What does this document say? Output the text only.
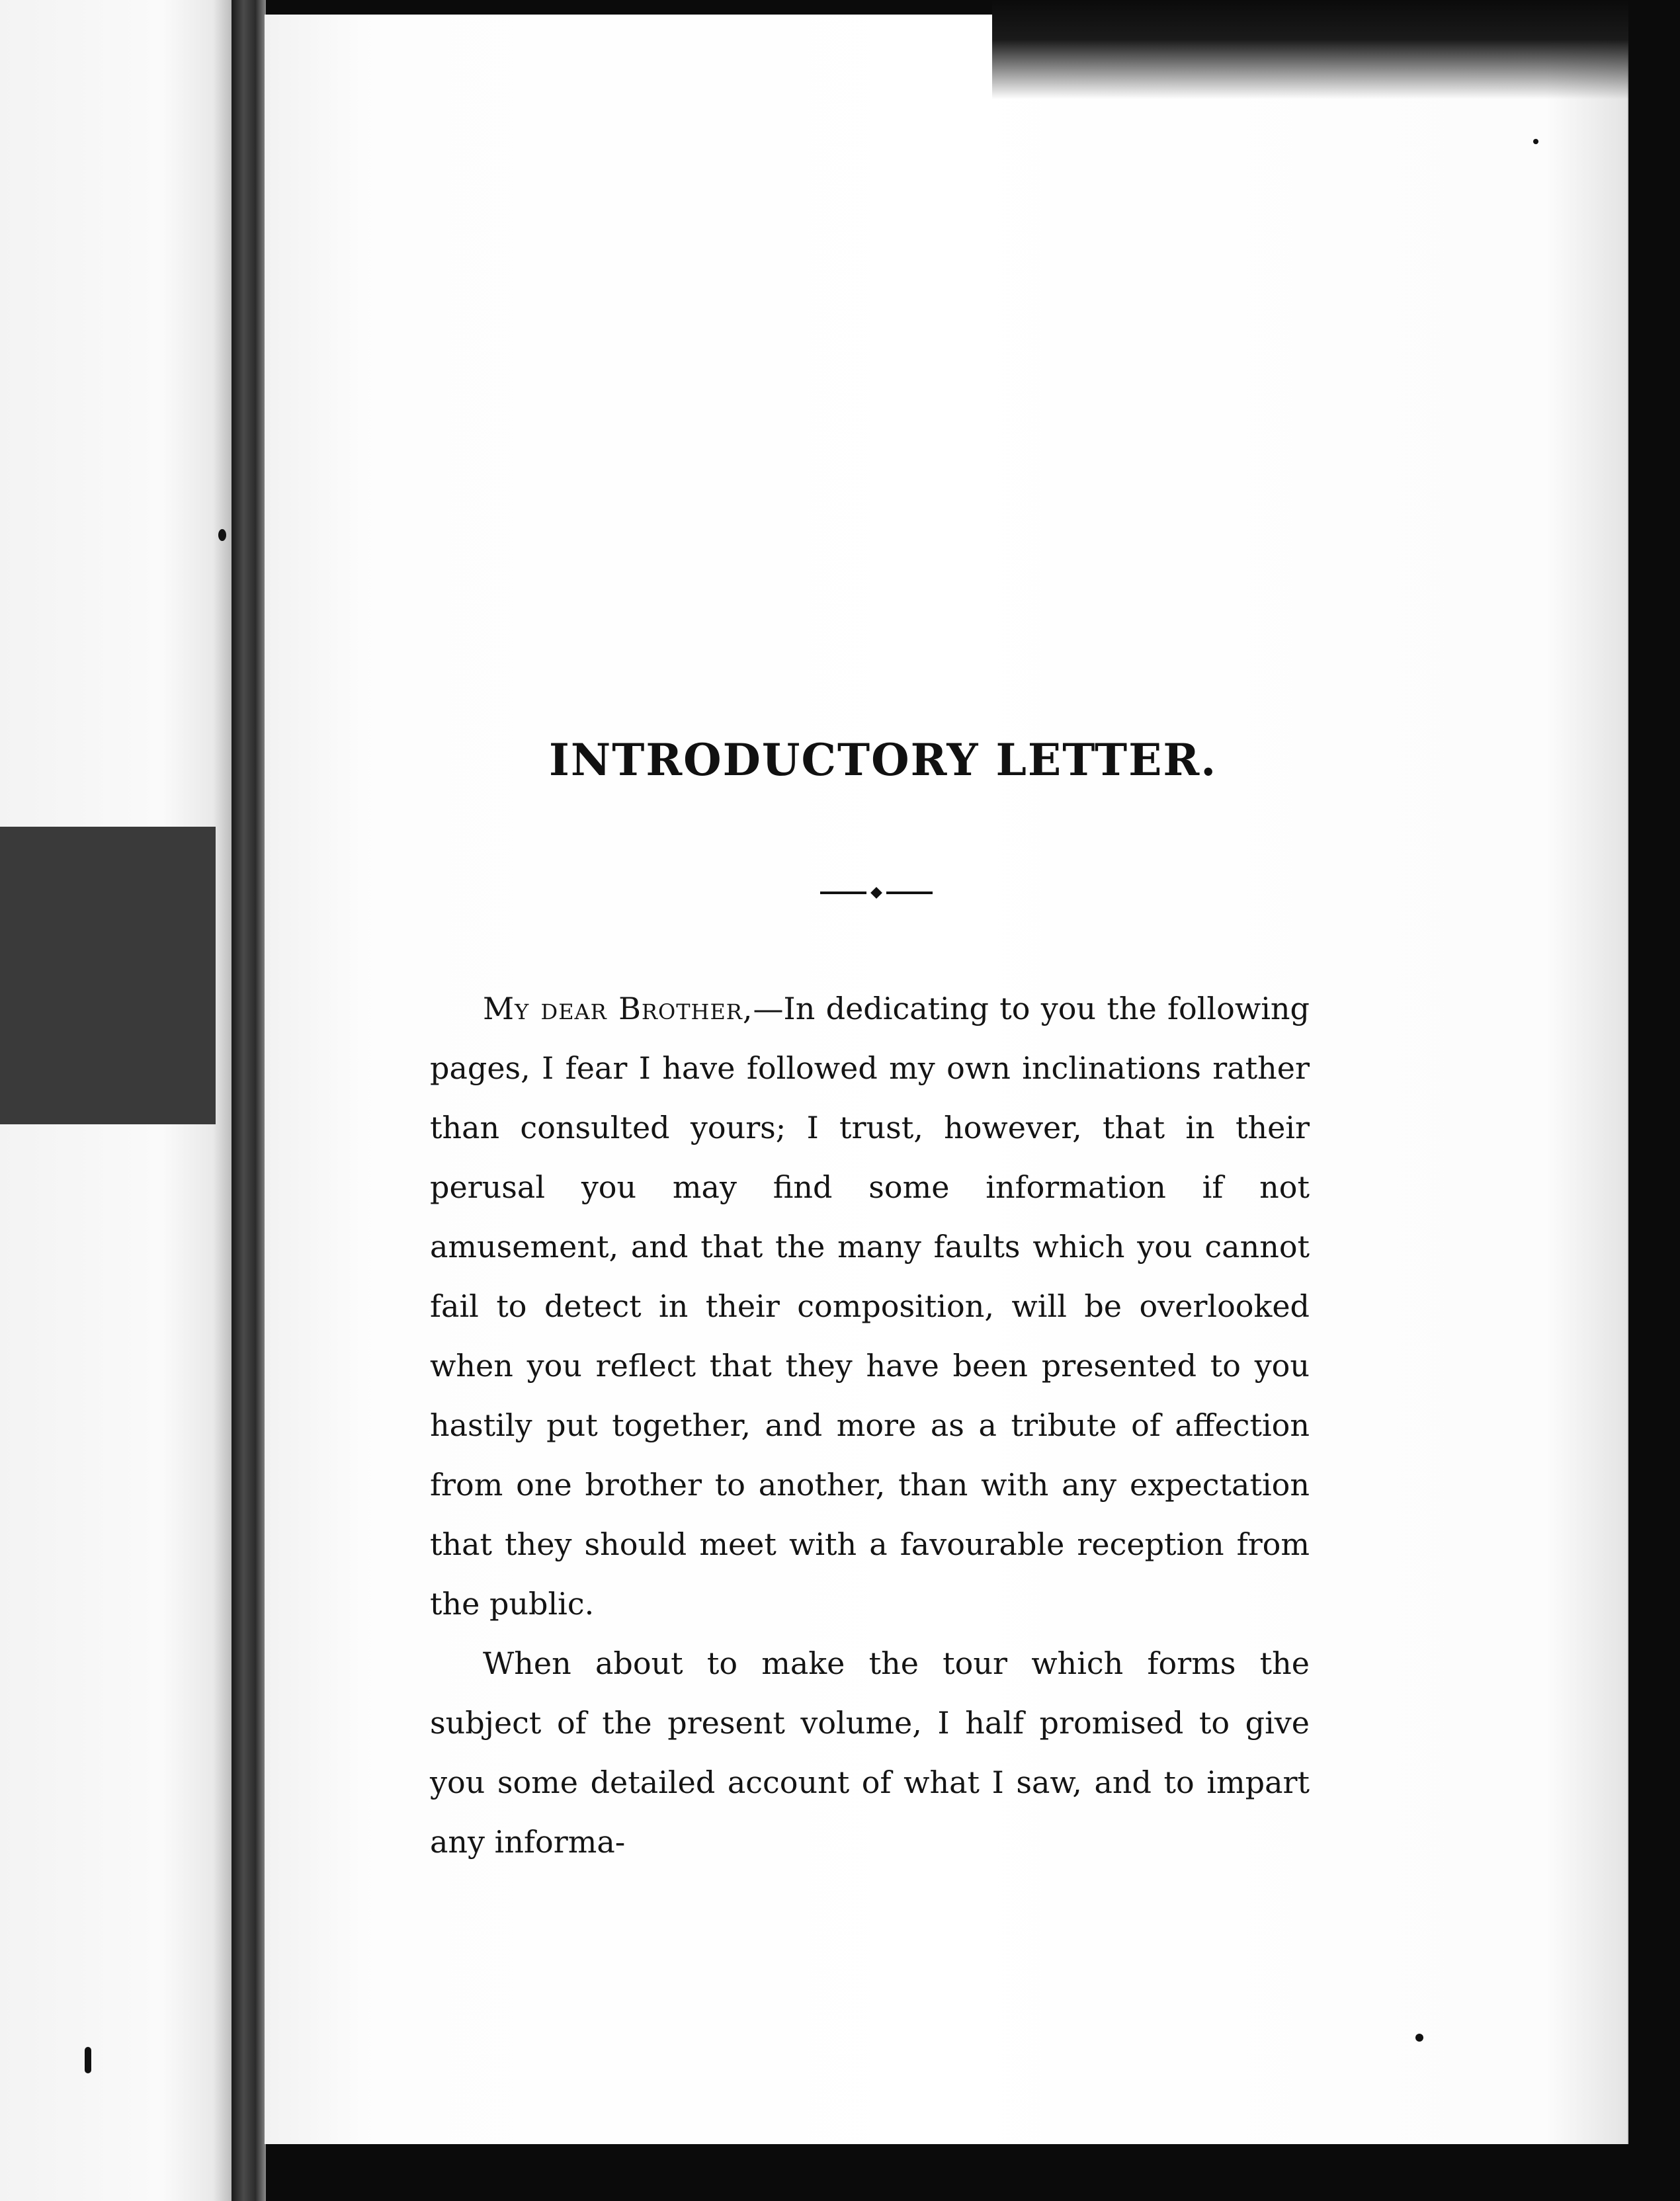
INTRODUCTORY LETTER.

My dear Brother,—In dedicating to you the following pages, I fear I have followed my own inclinations rather than consulted yours; I trust, however, that in their perusal you may find some information if not amusement, and that the many faults which you cannot fail to detect in their composition, will be overlooked when you reflect that they have been presented to you hastily put together, and more as a tribute of affection from one brother to another, than with any expectation that they should meet with a favourable reception from the public.

When about to make the tour which forms the subject of the present volume, I half promised to give you some detailed account of what I saw, and to impart any informa-
